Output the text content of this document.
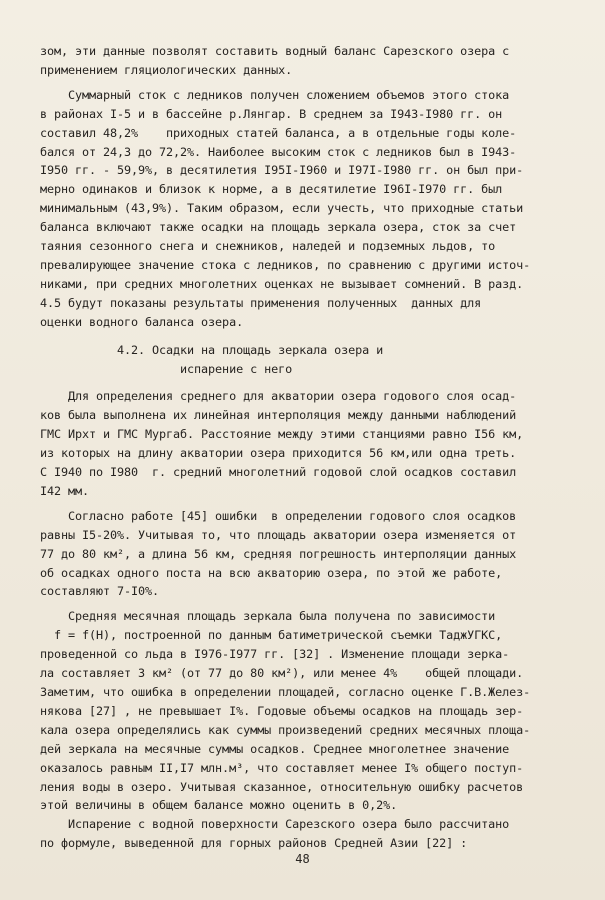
зом, эти данные позволят составить водный баланс Сарезского озера с
применением гляциологических данных.
Суммарный сток с ледников получен сложением объемов этого стока
в районах I-5 и в бассейне р.Лянгар. В среднем за I943-I980 гг. он
составил 48,2%    приходных статей баланса, а в отдельные годы коле-
бался от 24,3 до 72,2%. Наиболее высоким сток с ледников был в I943-
I950 гг. - 59,9%, в десятилетия I95I-I960 и I97I-I980 гг. он был при-
мерно одинаков и близок к норме, а в десятилетие I96I-I970 гг. был
минимальным (43,9%). Таким образом, если учесть, что приходные статьи
баланса включают также осадки на площадь зеркала озера, сток за счет
таяния сезонного снега и снежников, наледей и подземных льдов, то
превалирующее значение стока с ледников, по сравнению с другими источ-
никами, при средних многолетних оценках не вызывает сомнений. В разд.
4.5 будут показаны результаты применения полученных  данных для
оценки водного баланса озера.
4.2. Осадки на площадь зеркала озера и
испарение с него
Для определения среднего для акватории озера годового слоя осад-
ков была выполнена их линейная интерполяция между данными наблюдений
ГМС Ирхт и ГМС Мургаб. Расстояние между этими станциями равно I56 км,
из которых на длину акватории озера приходится 56 км,или одна треть.
С I940 по I980  г. средний многолетний годовой слой осадков составил
I42 мм.
Согласно работе [45] ошибки  в определении годового слоя осадков
равны I5-20%. Учитывая то, что площадь акватории озера изменяется от
77 до 80 км², а длина 56 км, средняя погрешность интерполяции данных
об осадках одного поста на всю акваторию озера, по этой же работе,
составляют 7-I0%.
Средняя месячная площадь зеркала была получена по зависимости
f = f(H), построенной по данным батиметрической съемки ТаджУГКС,
проведенной со льда в I976-I977 гг. [32] . Изменение площади зерка-
ла составляет 3 км² (от 77 до 80 км²), или менее 4%    общей площади.
Заметим, что ошибка в определении площадей, согласно оценке Г.В.Желез-
някова [27] , не превышает I%. Годовые объемы осадков на площадь зер-
кала озера определялись как суммы произведений средних месячных площа-
дей зеркала на месячные суммы осадков. Среднее многолетнее значение
оказалось равным II,I7 млн.м³, что составляет менее I% общего поступ-
ления воды в озеро. Учитывая сказанное, относительную ошибку расчетов
этой величины в общем балансе можно оценить в 0,2%.
Испарение с водной поверхности Сарезского озера было рассчитано
по формуле, выведенной для горных районов Средней Азии [22] :
48
